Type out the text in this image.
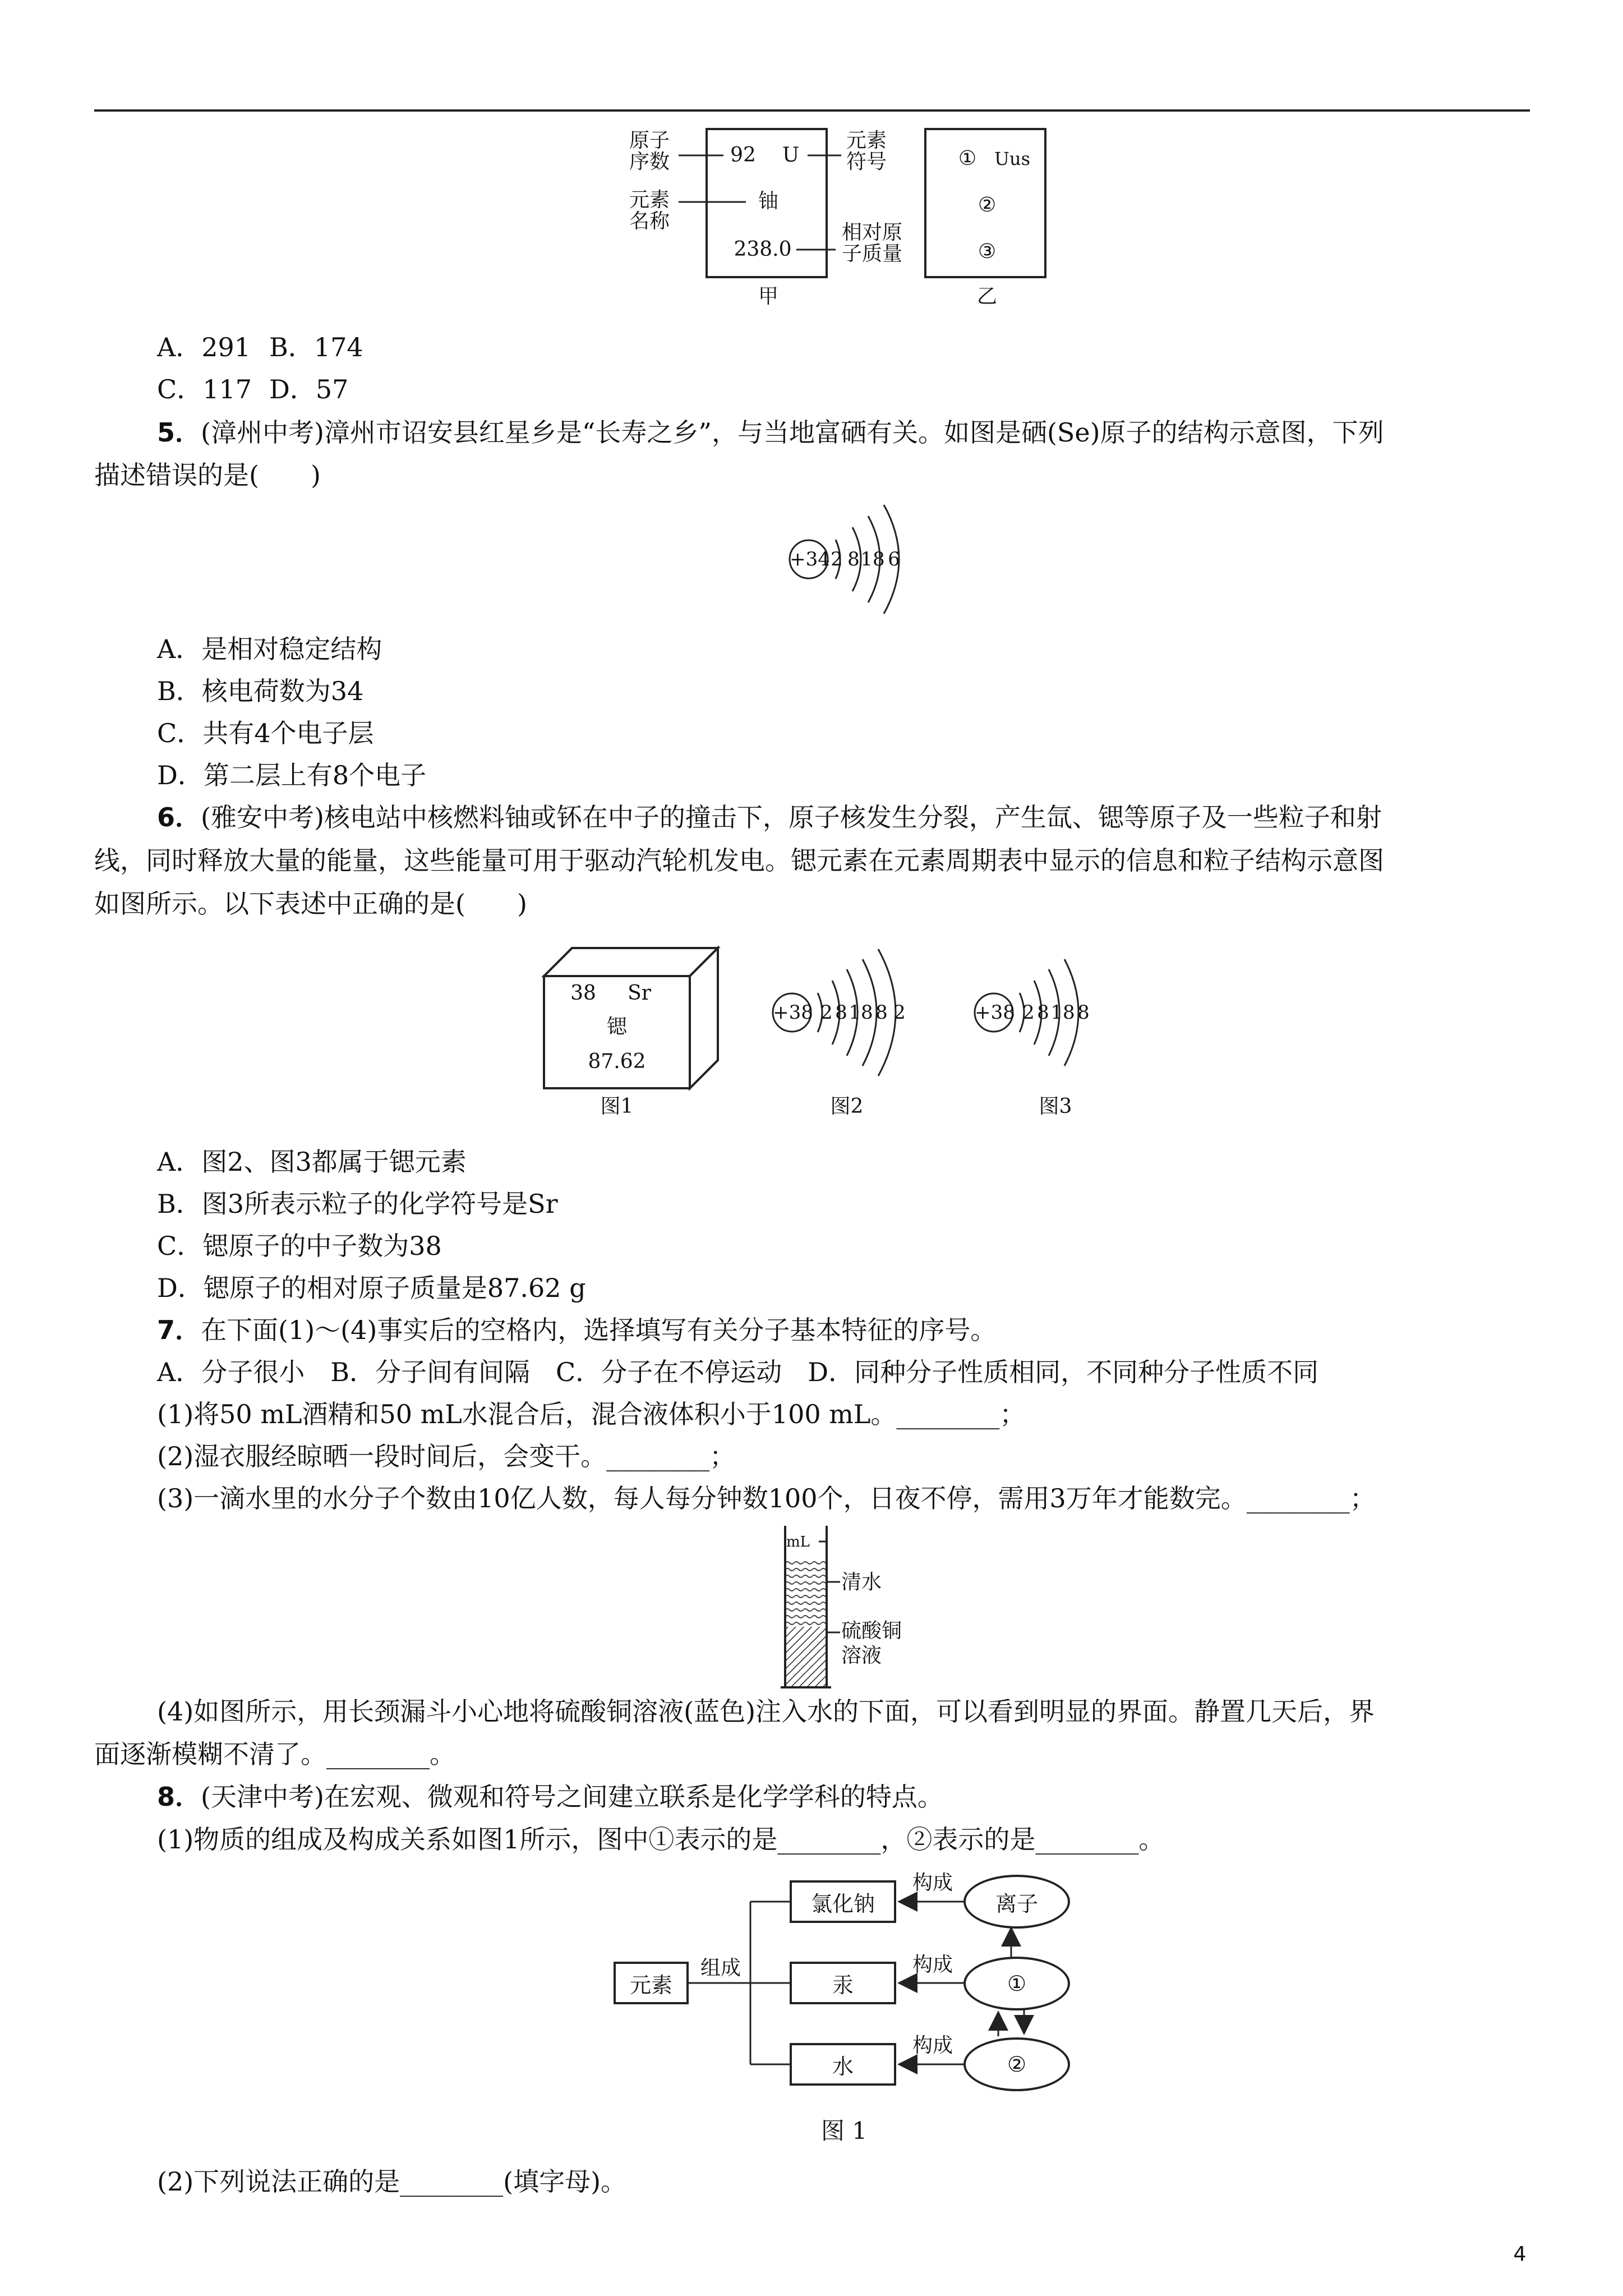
原子序数
元素名称
元素符号
相对原子质量
92 U
铀
238.0
甲
① Uus
②
③
乙
A．291 B．174
C．117 D．57
5．(漳州中考)漳州市诏安县红星乡是“长寿之乡”，与当地富硒有关。如图是硒(Se)原子的结构示意图，下列
描述错误的是(　　)
+34 2 8 18 6
A．是相对稳定结构
B．核电荷数为34
C．共有4个电子层
D．第二层上有8个电子
6．(雅安中考)核电站中核燃料铀或钚在中子的撞击下，原子核发生分裂，产生氙、锶等原子及一些粒子和射
线，同时释放大量的能量，这些能量可用于驱动汽轮机发电。锶元素在元素周期表中显示的信息和粒子结构示意图
如图所示。以下表述中正确的是(　　)
38 Sr
锶
87.62
图1
+38 2 8 18 8 2
图2
+38 2 8 18 8
图3
A．图2、图3都属于锶元素
B．图3所表示粒子的化学符号是Sr
C．锶原子的中子数为38
D．锶原子的相对原子质量是87.62 g
7．在下面(1)～(4)事实后的空格内，选择填写有关分子基本特征的序号。
A．分子很小　B．分子间有间隔　C．分子在不停运动　D．同种分子性质相同，不同种分子性质不同
(1)将50 mL酒精和50 mL水混合后，混合液体积小于100 mL。________；
(2)湿衣服经晾晒一段时间后，会变干。________；
(3)一滴水里的水分子个数由10亿人数，每人每分钟数100个，日夜不停，需用3万年才能数完。________；
mL
清水
硫酸铜溶液
(4)如图所示，用长颈漏斗小心地将硫酸铜溶液(蓝色)注入水的下面，可以看到明显的界面。静置几天后，界
面逐渐模糊不清了。________。
8．(天津中考)在宏观、微观和符号之间建立联系是化学学科的特点。
(1)物质的组成及构成关系如图1所示，图中①表示的是________，②表示的是________。
元素
组成
氯化钠
汞
水
构成
构成
构成
离子
①
②
图 1
(2)下列说法正确的是________(填字母)。
4
